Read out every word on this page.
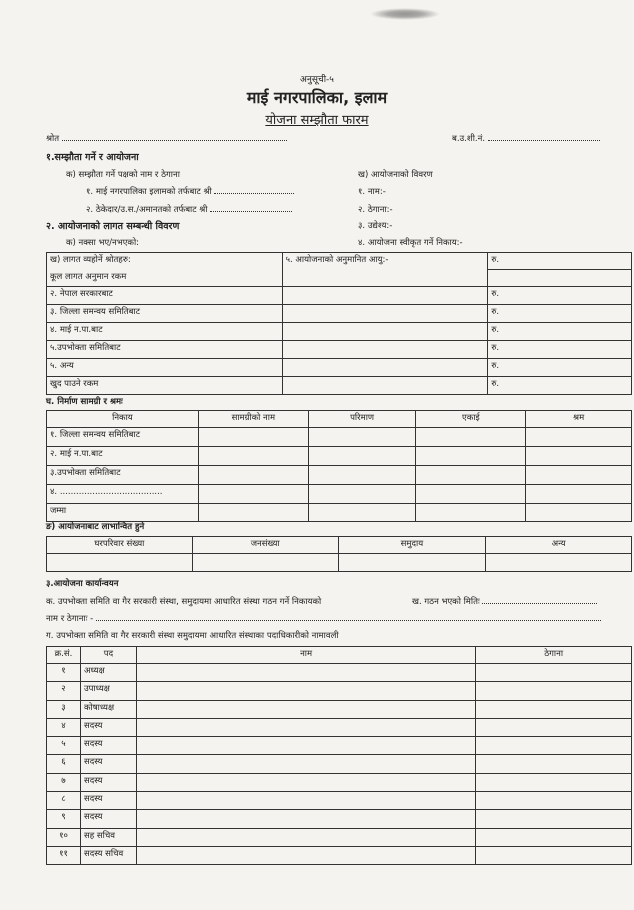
अनुसूची-५
माई नगरपालिका, इलाम
योजना सम्झौता फारम
श्रोत	ब.उ.शी.नं.
१.सम्झौता गर्ने र आयोजना
क) सम्झौता गर्ने पक्षको नाम र ठेगाना	ख) आयोजनाको विवरण
१. माई नगरपालिका इलामको तर्फबाट श्री	१. नाम:-
२. ठेकेदार/उ.स./अमानतको तर्फबाट श्री	२. ठेगाना:-
२. आयोजनाको लागत सम्बन्धी विवरण	३. उद्येश्य:-
क) नक्सा भए/नभएको:	४. आयोजना स्वीकृत गर्ने निकाय:-
ख) लागत व्यहोर्ने श्रोतहरु:	५. आयोजनाको अनुमानित आयु:-	रु.
कूल लागत अनुमान रकम		
२. नेपाल सरकारबाट		रु.
३. जिल्ला समन्वय समितिबाट		रु.
४. माई न.पा.बाट		रु.
५.उपभोक्ता समितिबाट		रु.
५. अन्य		रु.
खुद पाउने रकम		रु.
घ. निर्माण सामग्री र श्रमः
निकाय	सामग्रीको नाम	परिमाण	एकाई	श्रम
१. जिल्ला समन्वय समितिबाट				
२. माई न.पा.बाट				
३.उपभोक्ता समितिबाट				
४. ......................................				
जम्मा				
ङ) आयोजनाबाट लाभान्वित हुने
घरपरिवार संख्या	जनसंख्या	समुदाय	अन्य

३.आयोजना कार्यान्वयन
क. उपभोक्ता समिति वा गैर सरकारी संस्था, समुदायमा आधारित संस्था गठन गर्ने निकायको	ख. गठन भएको मितिः
नाम र ठेगानाः -
ग. उपभोक्ता समिति वा गैर सरकारी संस्था समुदायमा आधारित संस्थाका पदाधिकारीको नामावली
क्र.सं.	पद	नाम	ठेगाना
१	अध्यक्ष		
२	उपाध्यक्ष		
३	कोषाध्यक्ष		
४	सदस्य		
५	सदस्य		
६	सदस्य		
७	सदस्य		
८	सदस्य		
९	सदस्य		
१०	सह सचिव		
११	सदस्य सचिव		
